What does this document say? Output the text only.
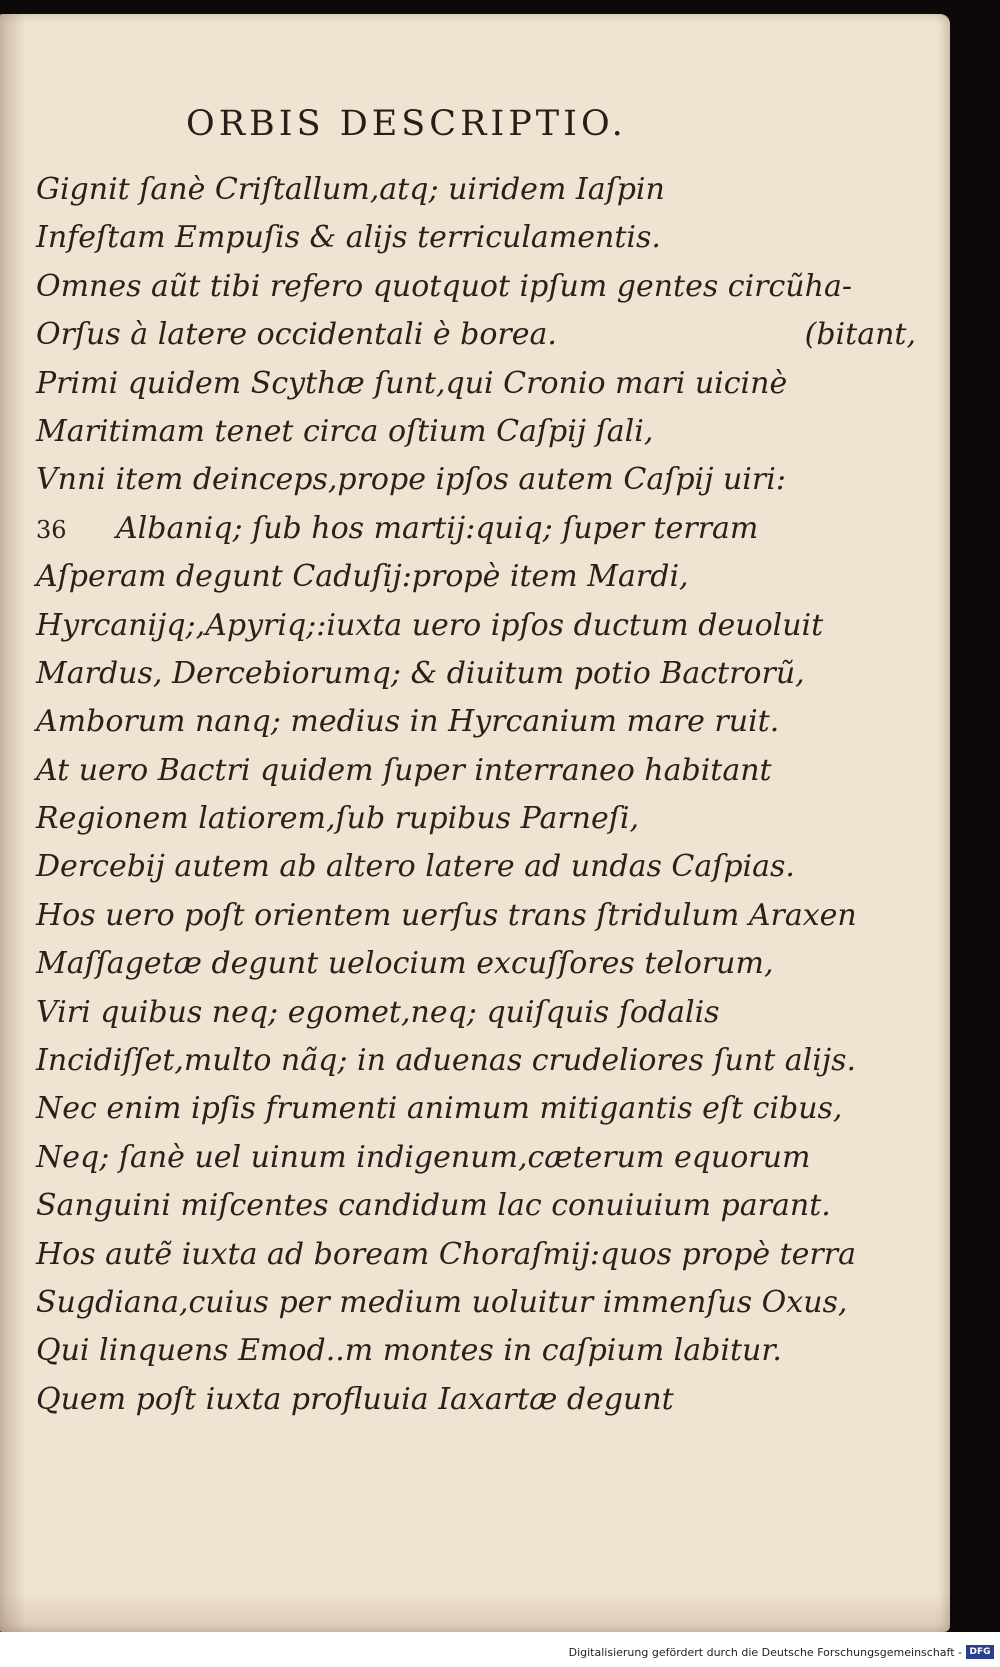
ORBIS DESCRIPTIO.
Gignit ſanè Criſtallum,atq; uiridem Iaſpin
Infeſtam Empuſis & alijs terriculamentis.
Omnes aũt tibi refero quotquot ipſum gentes circũha-
Orſus à latere occidentali è borea.	(bitant,
Primi quidem Scythæ ſunt,qui Cronio mari uicinè
Maritimam tenet circa oſtium Caſpij ſali,
Vnni item deinceps,prope ipſos autem Caſpij uiri:
36 Albaniq; ſub hos martij:quiq; ſuper terram
Aſperam degunt Caduſij:propè item Mardi,
Hyrcanijq;,Apyriq;:iuxta uero ipſos ductum deuoluit
Mardus, Dercebiorumq; & diuitum potio Bactrorũ,
Amborum nanq; medius in Hyrcanium mare ruit.
At uero Bactri quidem ſuper interraneo habitant
Regionem latiorem,ſub rupibus Parneſi,
Dercebij autem ab altero latere ad undas Caſpias.
Hos uero poſt orientem uerſus trans ſtridulum Araxen
Maſſagetæ degunt uelocium excuſſores telorum,
Viri quibus neq; egomet,neq; quiſquis ſodalis
Incidiſſet,multo nãq; in aduenas crudeliores ſunt alijs.
Nec enim ipſis frumenti animum mitigantis eſt cibus,
Neq; ſanè uel uinum indigenum,cæterum equorum
Sanguini miſcentes candidum lac conuiuium parant.
Hos autẽ iuxta ad boream Choraſmij:quos propè terra
Sugdiana,cuius per medium uoluitur immenſus Oxus,
Qui linquens Emod..m montes in caſpium labitur.
Quem poſt iuxta profluuia Iaxartæ degunt
Digitalisierung gefördert durch die Deutsche Forschungsgemeinschaft - DFG
